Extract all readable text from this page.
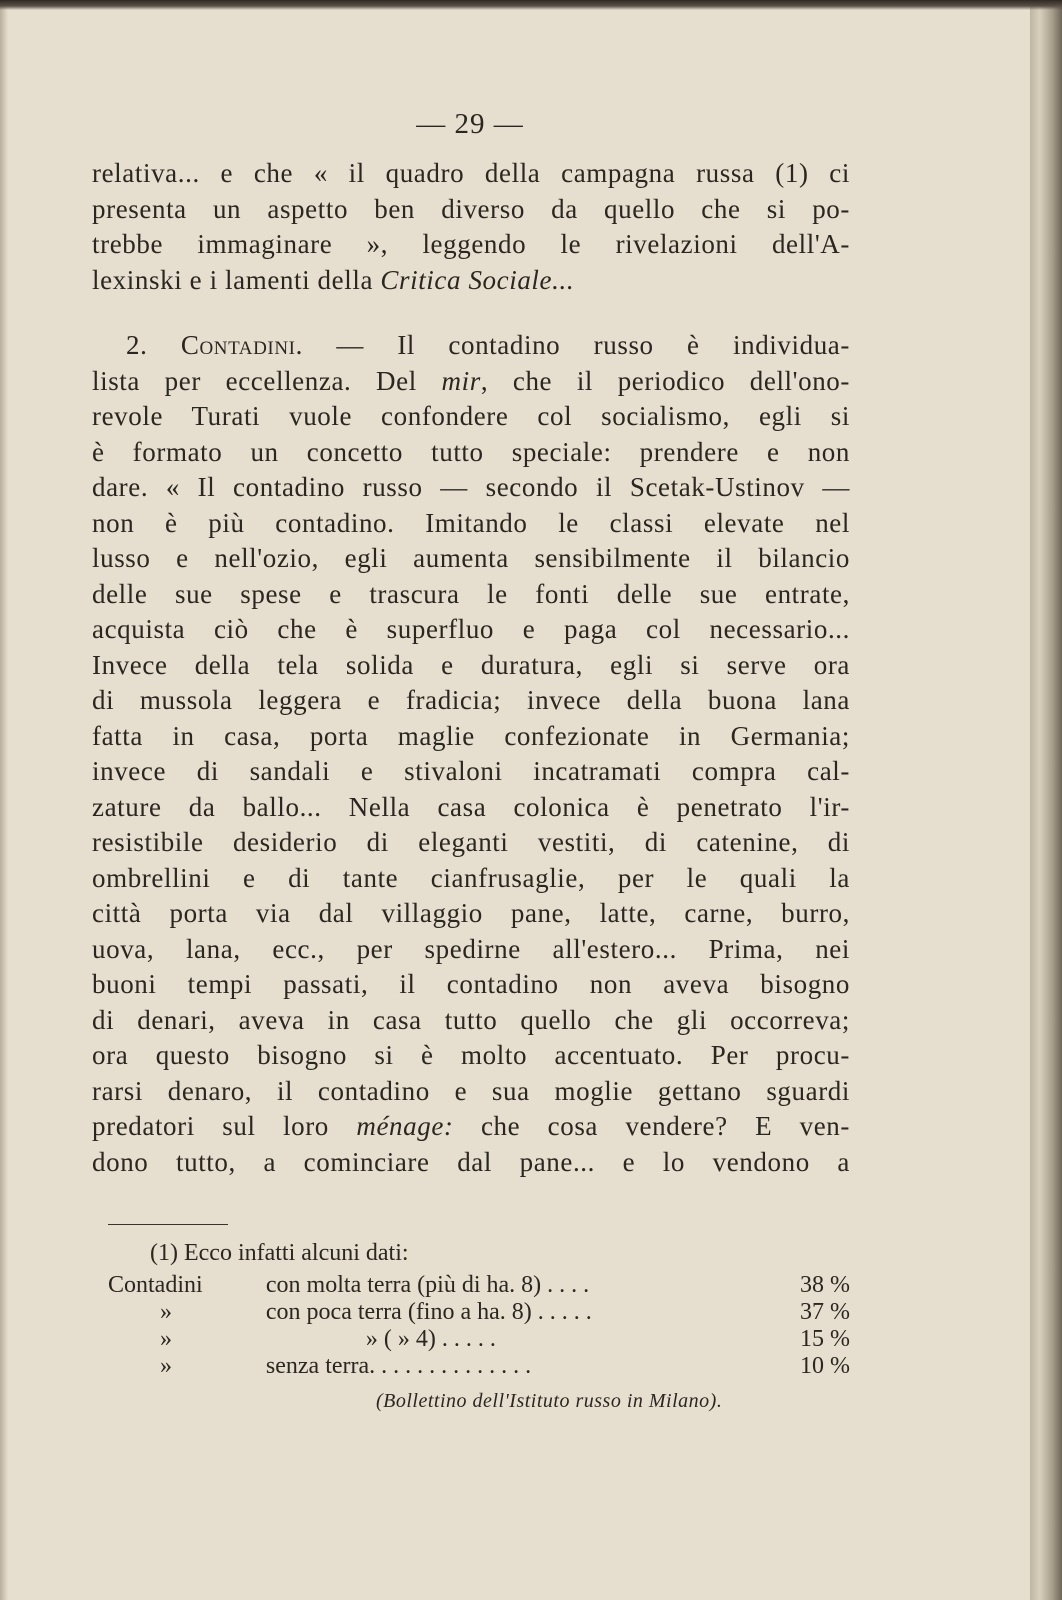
— 29 —
relativa... e che « il quadro della campagna russa (1) ci
presenta un aspetto ben diverso da quello che si po-
trebbe immaginare », leggendo le rivelazioni dell'A-
lexinski e i lamenti della Critica Sociale...
2. Contadini. — Il contadino russo è individua-
lista per eccellenza. Del mir, che il periodico dell'ono-
revole Turati vuole confondere col socialismo, egli si
è formato un concetto tutto speciale: prendere e non
dare. « Il contadino russo — secondo il Scetak-Ustinov —
non è più contadino. Imitando le classi elevate nel
lusso e nell'ozio, egli aumenta sensibilmente il bilancio
delle sue spese e trascura le fonti delle sue entrate,
acquista ciò che è superfluo e paga col necessario...
Invece della tela solida e duratura, egli si serve ora
di mussola leggera e fradicia; invece della buona lana
fatta in casa, porta maglie confezionate in Germania;
invece di sandali e stivaloni incatramati compra cal-
zature da ballo... Nella casa colonica è penetrato l'ir-
resistibile desiderio di eleganti vestiti, di catenine, di
ombrellini e di tante cianfrusaglie, per le quali la
città porta via dal villaggio pane, latte, carne, burro,
uova, lana, ecc., per spedirne all'estero... Prima, nei
buoni tempi passati, il contadino non aveva bisogno
di denari, aveva in casa tutto quello che gli occorreva;
ora questo bisogno si è molto accentuato. Per procu-
rarsi denaro, il contadino e sua moglie gettano sguardi
predatori sul loro ménage: che cosa vendere? E ven-
dono tutto, a cominciare dal pane... e lo vendono a
(1) Ecco infatti alcuni dati:
Contadini	con molta terra (più di ha. 8) . . . .	38 %
»	con poca terra (fino a ha. 8) . . . . .	37 %
»	» ( » 4) . . . . .	15 %
»	senza terra. . . . . . . . . . . . . .	10 %
(Bollettino dell'Istituto russo in Milano).
